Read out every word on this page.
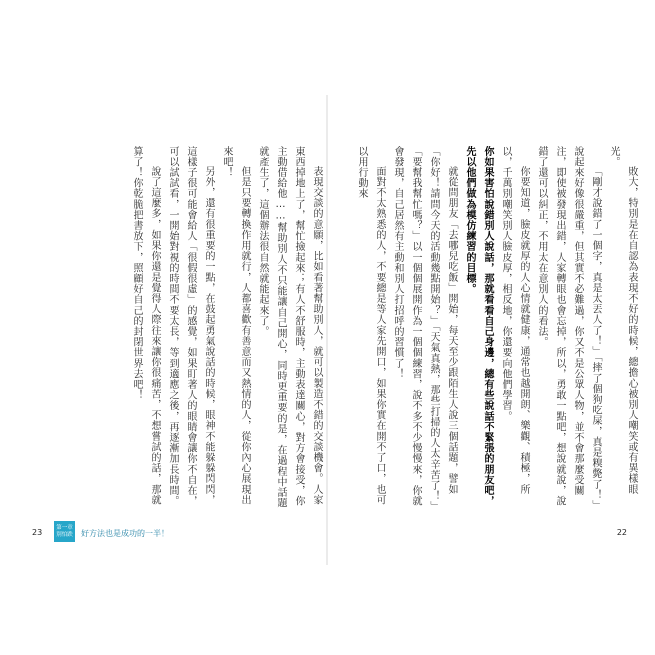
表現交談的意願，比如看著幫助別人，就可以製造不錯的交談機會。人家東西掉地上了，幫忙撿起來；有人不舒服時，主動表達關心，對方會接受，你主動借給他……幫助別人不只能讓自己開心，同時更重要的是，在過程中話題就產生了，這個辦法很自然就能起來了。

但是只要轉換作用就行，人都喜歡有善意而又熱情的人，從你內心展現出來吧！

另外，還有很重要的一點，在鼓起勇氣說話的時候，眼神不能躲躲閃閃，這樣子很可能會給人「很假很虛」的感覺，如果盯著人的眼睛會讓你不自在，可以試試看，一開始對視的時間不要太長，等到適應之後，再逐漸加長時間。

說了這麼多，如果你還是覺得人際往來讓你很痛苦，不想嘗試的話，那就算了！你乾脆把書放下，照顧好自己的封閉世界去吧！

23
第一章
別怕跌 好方法也是成功的一半！

敗大，特別是在自認為表現不好的時候，總擔心被別人嘲笑或有異樣眼光。

「剛才說錯了一個字，真是太丟人了！」「摔了個狗吃屎，真是糗斃了！」說起來好像很嚴重，但其實不必難過，你又不是公眾人物，並不會那麼受關注，即使被發現出錯，人家轉眼也會忘掉，所以，勇敢一點吧，想說就說，說錯了還可以糾正，不用太在意別人的看法。

你要知道，臉皮就厚的人心情就健康，通常也越開朗、樂觀、積極，所以，千萬別嘲笑別人臉皮厚，相反地，你還要向他們學習。

你如果害怕說錯別人說話，那就看看自己身邊，總有些說話不緊張的朋友吧，先以他們做為模仿練習的目標。

就從問朋友「去哪兒吃飯」開始，每天至少跟陌生人說三個話題，譬如「你好！請問今天的活動幾點開始？」「天氣真熱，那些打掃的人太辛苦了！」「要幫我幫忙嗎？」以一個個展開作為一個個練習，說不多不少慢慢來，你就會發現，自己居然有主動和別人打招呼的習慣了！

面對不太熟悉的人，不要總是等人家先開口，如果你實在開不了口，也可以用行動來

22
